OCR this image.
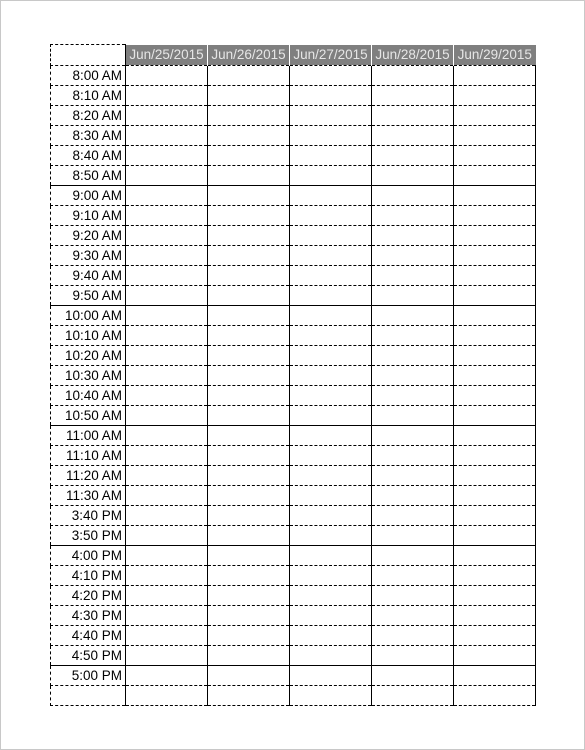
	Jun/25/2015	Jun/26/2015	Jun/27/2015	Jun/28/2015	Jun/29/2015
8:00 AM					
8:10 AM					
8:20 AM					
8:30 AM					
8:40 AM					
8:50 AM					
9:00 AM					
9:10 AM					
9:20 AM					
9:30 AM					
9:40 AM					
9:50 AM					
10:00 AM					
10:10 AM					
10:20 AM					
10:30 AM					
10:40 AM					
10:50 AM					
11:00 AM					
11:10 AM					
11:20 AM					
11:30 AM					
3:40 PM					
3:50 PM					
4:00 PM					
4:10 PM					
4:20 PM					
4:30 PM					
4:40 PM					
4:50 PM					
5:00 PM					
